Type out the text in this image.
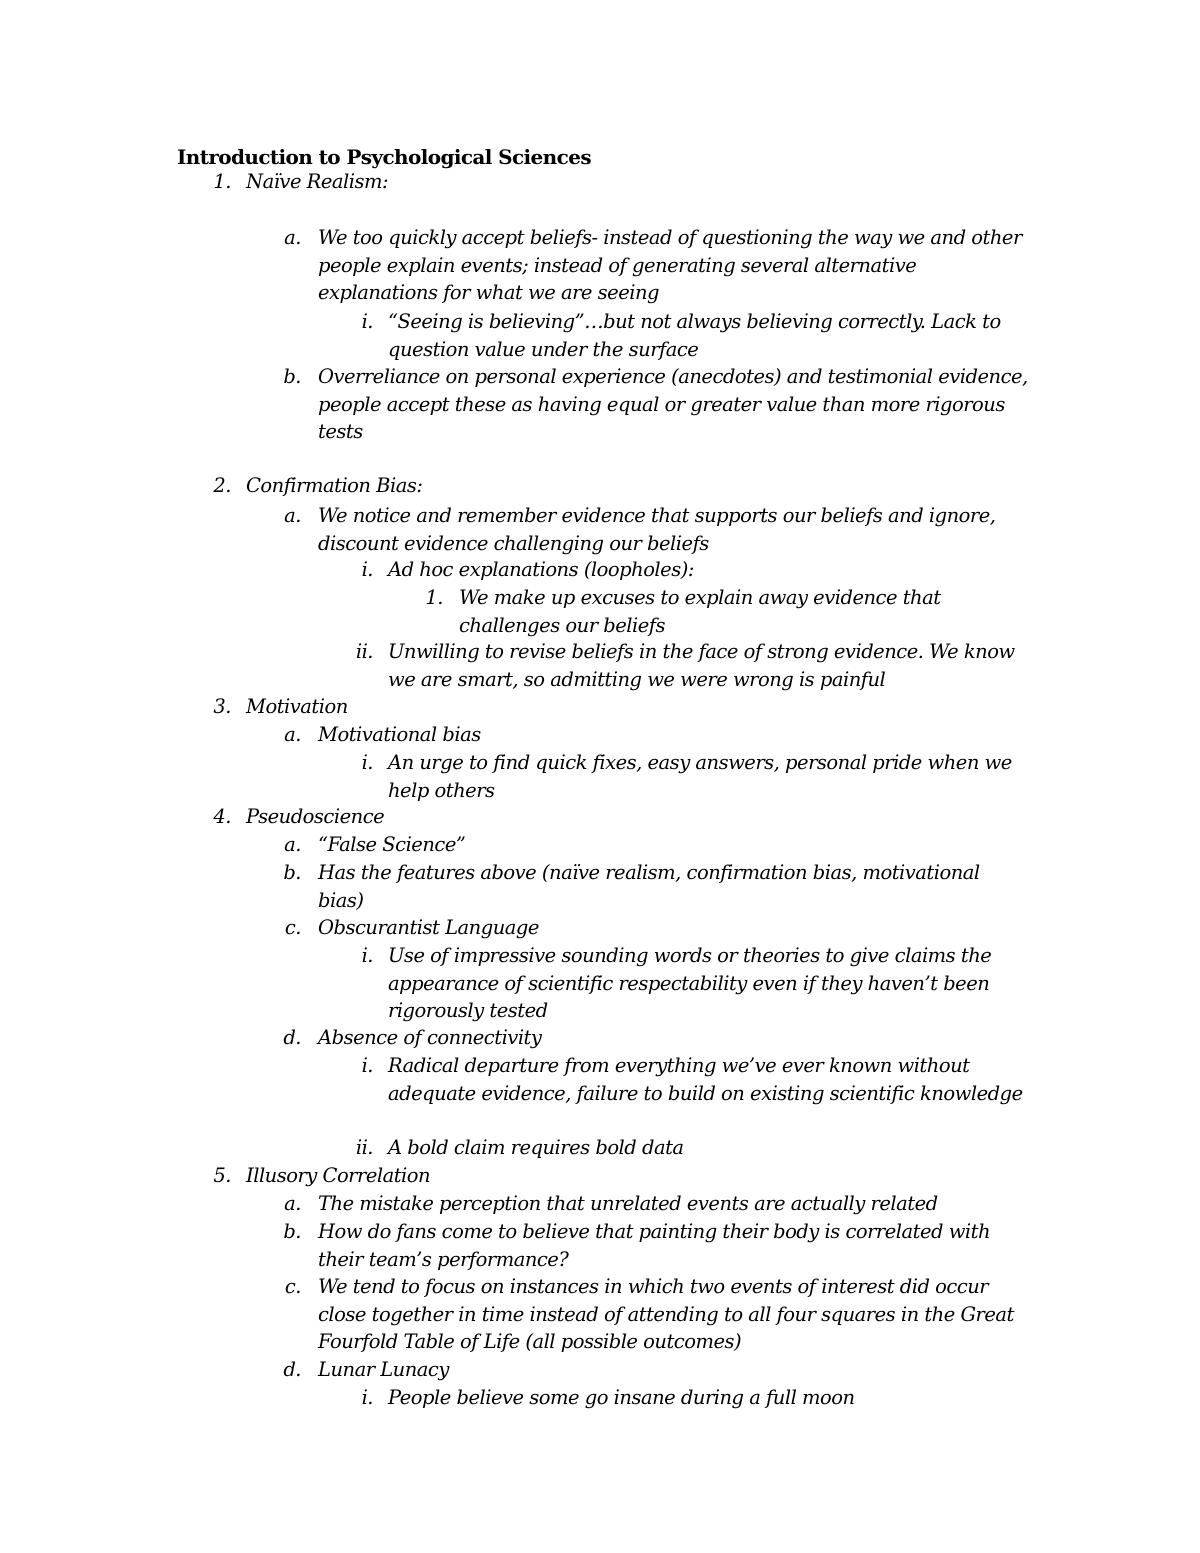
Introduction to Psychological Sciences
1. Naïve Realism:
a. We too quickly accept beliefs- instead of questioning the way we and other people explain events; instead of generating several alternative explanations for what we are seeing
i. “Seeing is believing”…but not always believing correctly. Lack to question value under the surface
b. Overreliance on personal experience (anecdotes) and testimonial evidence, people accept these as having equal or greater value than more rigorous tests
2. Confirmation Bias:
a. We notice and remember evidence that supports our beliefs and ignore, discount evidence challenging our beliefs
i. Ad hoc explanations (loopholes):
1. We make up excuses to explain away evidence that challenges our beliefs
ii. Unwilling to revise beliefs in the face of strong evidence. We know we are smart, so admitting we were wrong is painful
3. Motivation
a. Motivational bias
i. An urge to find quick fixes, easy answers, personal pride when we help others
4. Pseudoscience
a. “False Science”
b. Has the features above (naïve realism, confirmation bias, motivational bias)
c. Obscurantist Language
i. Use of impressive sounding words or theories to give claims the appearance of scientific respectability even if they haven’t been rigorously tested
d. Absence of connectivity
i. Radical departure from everything we’ve ever known without adequate evidence, failure to build on existing scientific knowledge
ii. A bold claim requires bold data
5. Illusory Correlation
a. The mistake perception that unrelated events are actually related
b. How do fans come to believe that painting their body is correlated with their team’s performance?
c. We tend to focus on instances in which two events of interest did occur close together in time instead of attending to all four squares in the Great Fourfold Table of Life (all possible outcomes)
d. Lunar Lunacy
i. People believe some go insane during a full moon
